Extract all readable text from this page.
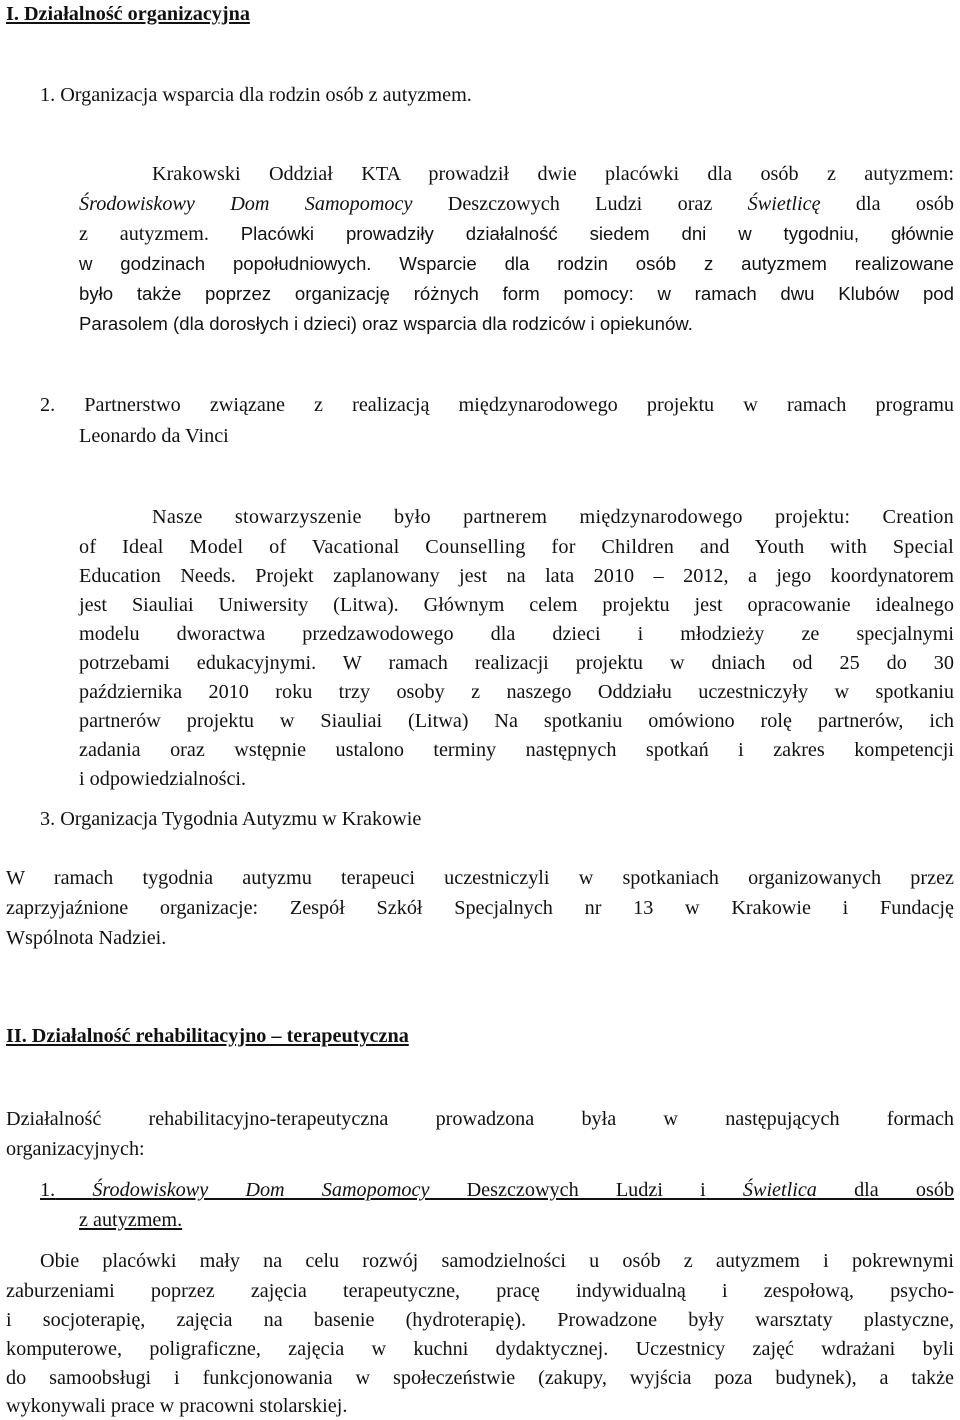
I. Działalność organizacyjna
1. Organizacja wsparcia dla rodzin osób z autyzmem.
Krakowski Oddział KTA prowadził dwie placówki dla osób z autyzmem:
Środowiskowy Dom Samopomocy Deszczowych Ludzi oraz Świetlicę dla osób
z autyzmem. Placówki prowadziły działalność siedem dni w tygodniu, głównie
w godzinach popołudniowych. Wsparcie dla rodzin osób z autyzmem realizowane
było także poprzez organizację różnych form pomocy: w ramach dwu Klubów pod
Parasolem (dla dorosłych i dzieci) oraz wsparcia dla rodziców i opiekunów.
2. Partnerstwo związane z realizacją międzynarodowego projektu w ramach programu
Leonardo da Vinci
Nasze stowarzyszenie było partnerem międzynarodowego projektu: Creation
of Ideal Model of Vacational Counselling for Children and Youth with Special
Education Needs. Projekt zaplanowany jest na lata 2010 – 2012, a jego koordynatorem
jest Siauliai Uniwersity (Litwa). Głównym celem projektu jest opracowanie idealnego
modelu dworactwa przedzawodowego dla dzieci i młodzieży ze specjalnymi
potrzebami edukacyjnymi. W ramach realizacji projektu w dniach od 25 do 30
października 2010 roku trzy osoby z naszego Oddziału uczestniczyły w spotkaniu
partnerów projektu w Siauliai (Litwa) Na spotkaniu omówiono rolę partnerów, ich
zadania oraz wstępnie ustalono terminy następnych spotkań i zakres kompetencji
i odpowiedzialności.
3. Organizacja Tygodnia Autyzmu w Krakowie
W ramach tygodnia autyzmu terapeuci uczestniczyli w spotkaniach organizowanych przez
zaprzyjaźnione organizacje: Zespół Szkół Specjalnych nr 13 w Krakowie i Fundację
Wspólnota Nadziei.
II. Działalność rehabilitacyjno – terapeutyczna
Działalność rehabilitacyjno-terapeutyczna prowadzona była w następujących formach
organizacyjnych:
1. Środowiskowy Dom Samopomocy Deszczowych Ludzi i Świetlica dla osób
z autyzmem.
Obie placówki mały na celu rozwój samodzielności u osób z autyzmem i pokrewnymi
zaburzeniami poprzez zajęcia terapeutyczne, pracę indywidualną i zespołową, psycho-
i socjoterapię, zajęcia na basenie (hydroterapię). Prowadzone były warsztaty plastyczne,
komputerowe, poligraficzne, zajęcia w kuchni dydaktycznej. Uczestnicy zajęć wdrażani byli
do samoobsługi i funkcjonowania w społeczeństwie (zakupy, wyjścia poza budynek), a także
wykonywali prace w pracowni stolarskiej.
